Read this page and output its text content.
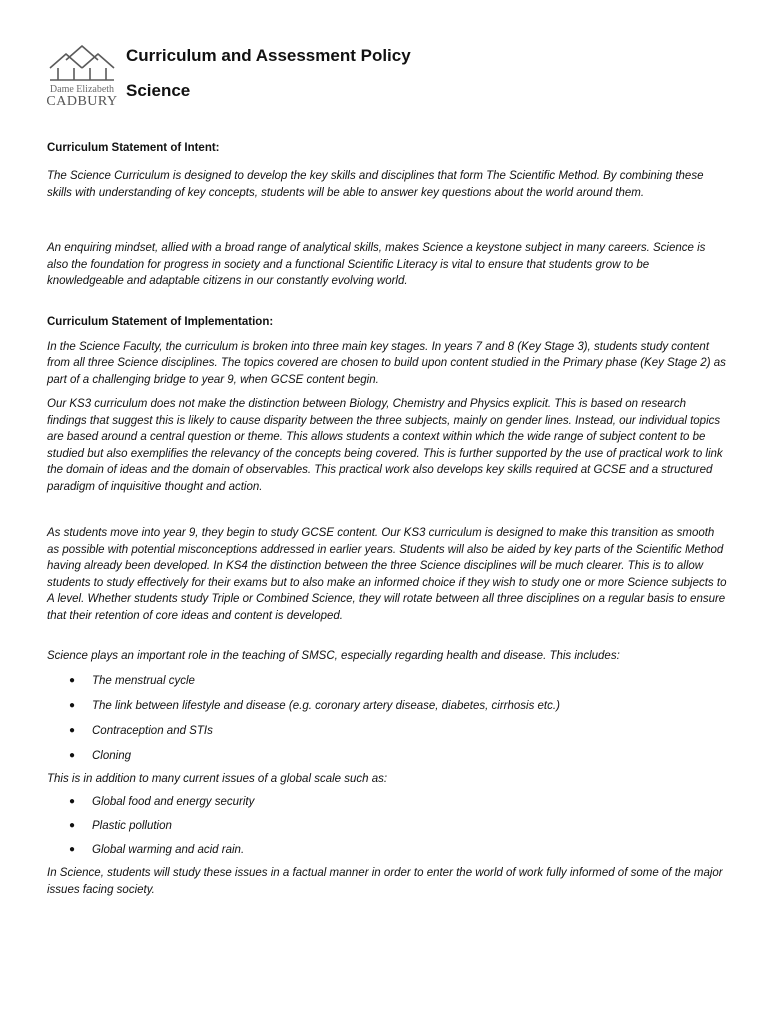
Dame Elizabeth
CADBURY
Curriculum and Assessment Policy
Science
Curriculum Statement of Intent:

The Science Curriculum is designed to develop the key skills and disciplines that form The Scientific Method. By combining these skills with understanding of key concepts, students will be able to answer key questions about the world around them.

An enquiring mindset, allied with a broad range of analytical skills, makes Science a keystone subject in many careers. Science is also the foundation for progress in society and a functional Scientific Literacy is vital to ensure that students grow to be knowledgeable and adaptable citizens in our constantly evolving world.

Curriculum Statement of Implementation:

In the Science Faculty, the curriculum is broken into three main key stages. In years 7 and 8 (Key Stage 3), students study content from all three Science disciplines. The topics covered are chosen to build upon content studied in the Primary phase (Key Stage 2) as part of a challenging bridge to year 9, when GCSE content begin.

Our KS3 curriculum does not make the distinction between Biology, Chemistry and Physics explicit. This is based on research findings that suggest this is likely to cause disparity between the three subjects, mainly on gender lines. Instead, our individual topics are based around a central question or theme. This allows students a context within which the wide range of subject content to be studied but also exemplifies the relevancy of the concepts being covered. This is further supported by the use of practical work to link the domain of ideas and the domain of observables. This practical work also develops key skills required at GCSE and a structured paradigm of inquisitive thought and action.

As students move into year 9, they begin to study GCSE content. Our KS3 curriculum is designed to make this transition as smooth as possible with potential misconceptions addressed in earlier years. Students will also be aided by key parts of the Scientific Method having already been developed. In KS4 the distinction between the three Science disciplines will be much clearer. This is to allow students to study effectively for their exams but to also make an informed choice if they wish to study one or more Science subjects to A level. Whether students study Triple or Combined Science, they will rotate between all three disciplines on a regular basis to ensure that their retention of core ideas and content is developed.

Science plays an important role in the teaching of SMSC, especially regarding health and disease. This includes:

● The menstrual cycle
● The link between lifestyle and disease (e.g. coronary artery disease, diabetes, cirrhosis etc.)
● Contraception and STIs
● Cloning

This is in addition to many current issues of a global scale such as:

● Global food and energy security
● Plastic pollution
● Global warming and acid rain.

In Science, students will study these issues in a factual manner in order to enter the world of work fully informed of some of the major issues facing society.
